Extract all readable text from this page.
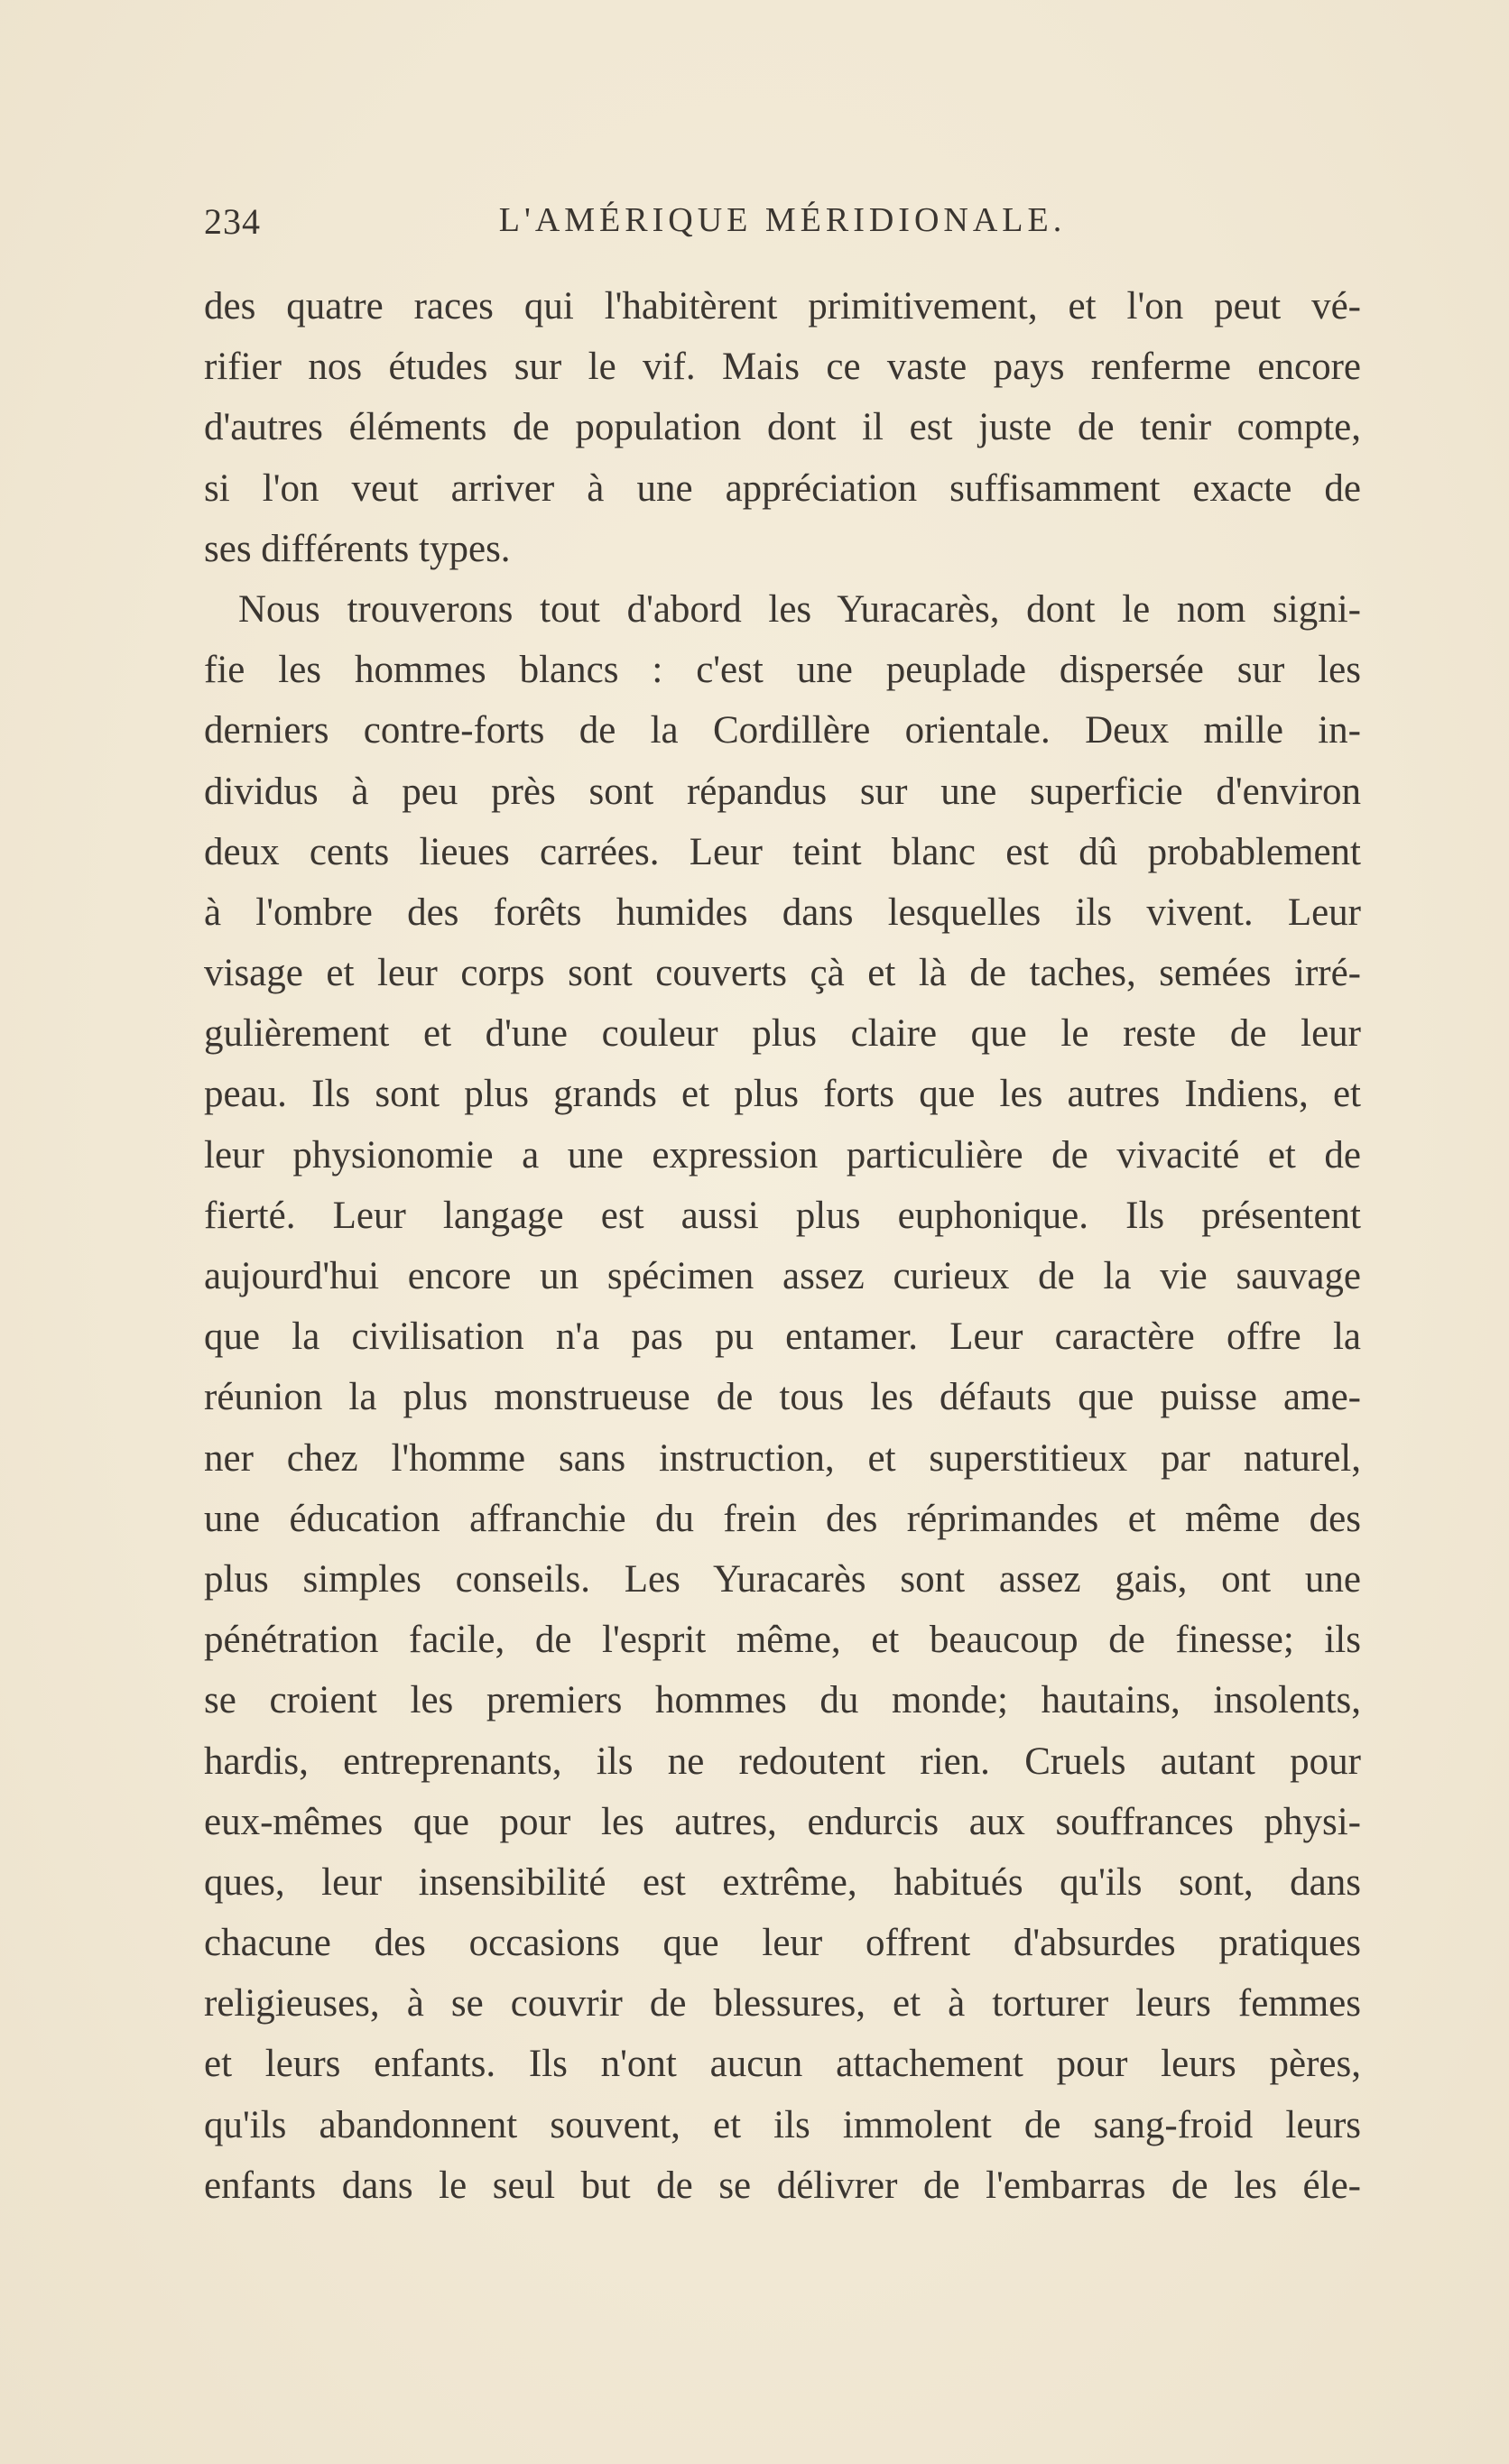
234	L'AMÉRIQUE MÉRIDIONALE.
des quatre races qui l'habitèrent primitivement, et l'on peut vé-
rifier nos études sur le vif. Mais ce vaste pays renferme encore
d'autres éléments de population dont il est juste de tenir compte,
si l'on veut arriver à une appréciation suffisamment exacte de
ses différents types.
Nous trouverons tout d'abord les Yuracarès, dont le nom signi-
fie les hommes blancs : c'est une peuplade dispersée sur les
derniers contre-forts de la Cordillère orientale. Deux mille in-
dividus à peu près sont répandus sur une superficie d'environ
deux cents lieues carrées. Leur teint blanc est dû probablement
à l'ombre des forêts humides dans lesquelles ils vivent. Leur
visage et leur corps sont couverts çà et là de taches, semées irré-
gulièrement et d'une couleur plus claire que le reste de leur
peau. Ils sont plus grands et plus forts que les autres Indiens, et
leur physionomie a une expression particulière de vivacité et de
fierté. Leur langage est aussi plus euphonique. Ils présentent
aujourd'hui encore un spécimen assez curieux de la vie sauvage
que la civilisation n'a pas pu entamer. Leur caractère offre la
réunion la plus monstrueuse de tous les défauts que puisse ame-
ner chez l'homme sans instruction, et superstitieux par naturel,
une éducation affranchie du frein des réprimandes et même des
plus simples conseils. Les Yuracarès sont assez gais, ont une
pénétration facile, de l'esprit même, et beaucoup de finesse; ils
se croient les premiers hommes du monde; hautains, insolents,
hardis, entreprenants, ils ne redoutent rien. Cruels autant pour
eux-mêmes que pour les autres, endurcis aux souffrances physi-
ques, leur insensibilité est extrême, habitués qu'ils sont, dans
chacune des occasions que leur offrent d'absurdes pratiques
religieuses, à se couvrir de blessures, et à torturer leurs femmes
et leurs enfants. Ils n'ont aucun attachement pour leurs pères,
qu'ils abandonnent souvent, et ils immolent de sang-froid leurs
enfants dans le seul but de se délivrer de l'embarras de les éle-
